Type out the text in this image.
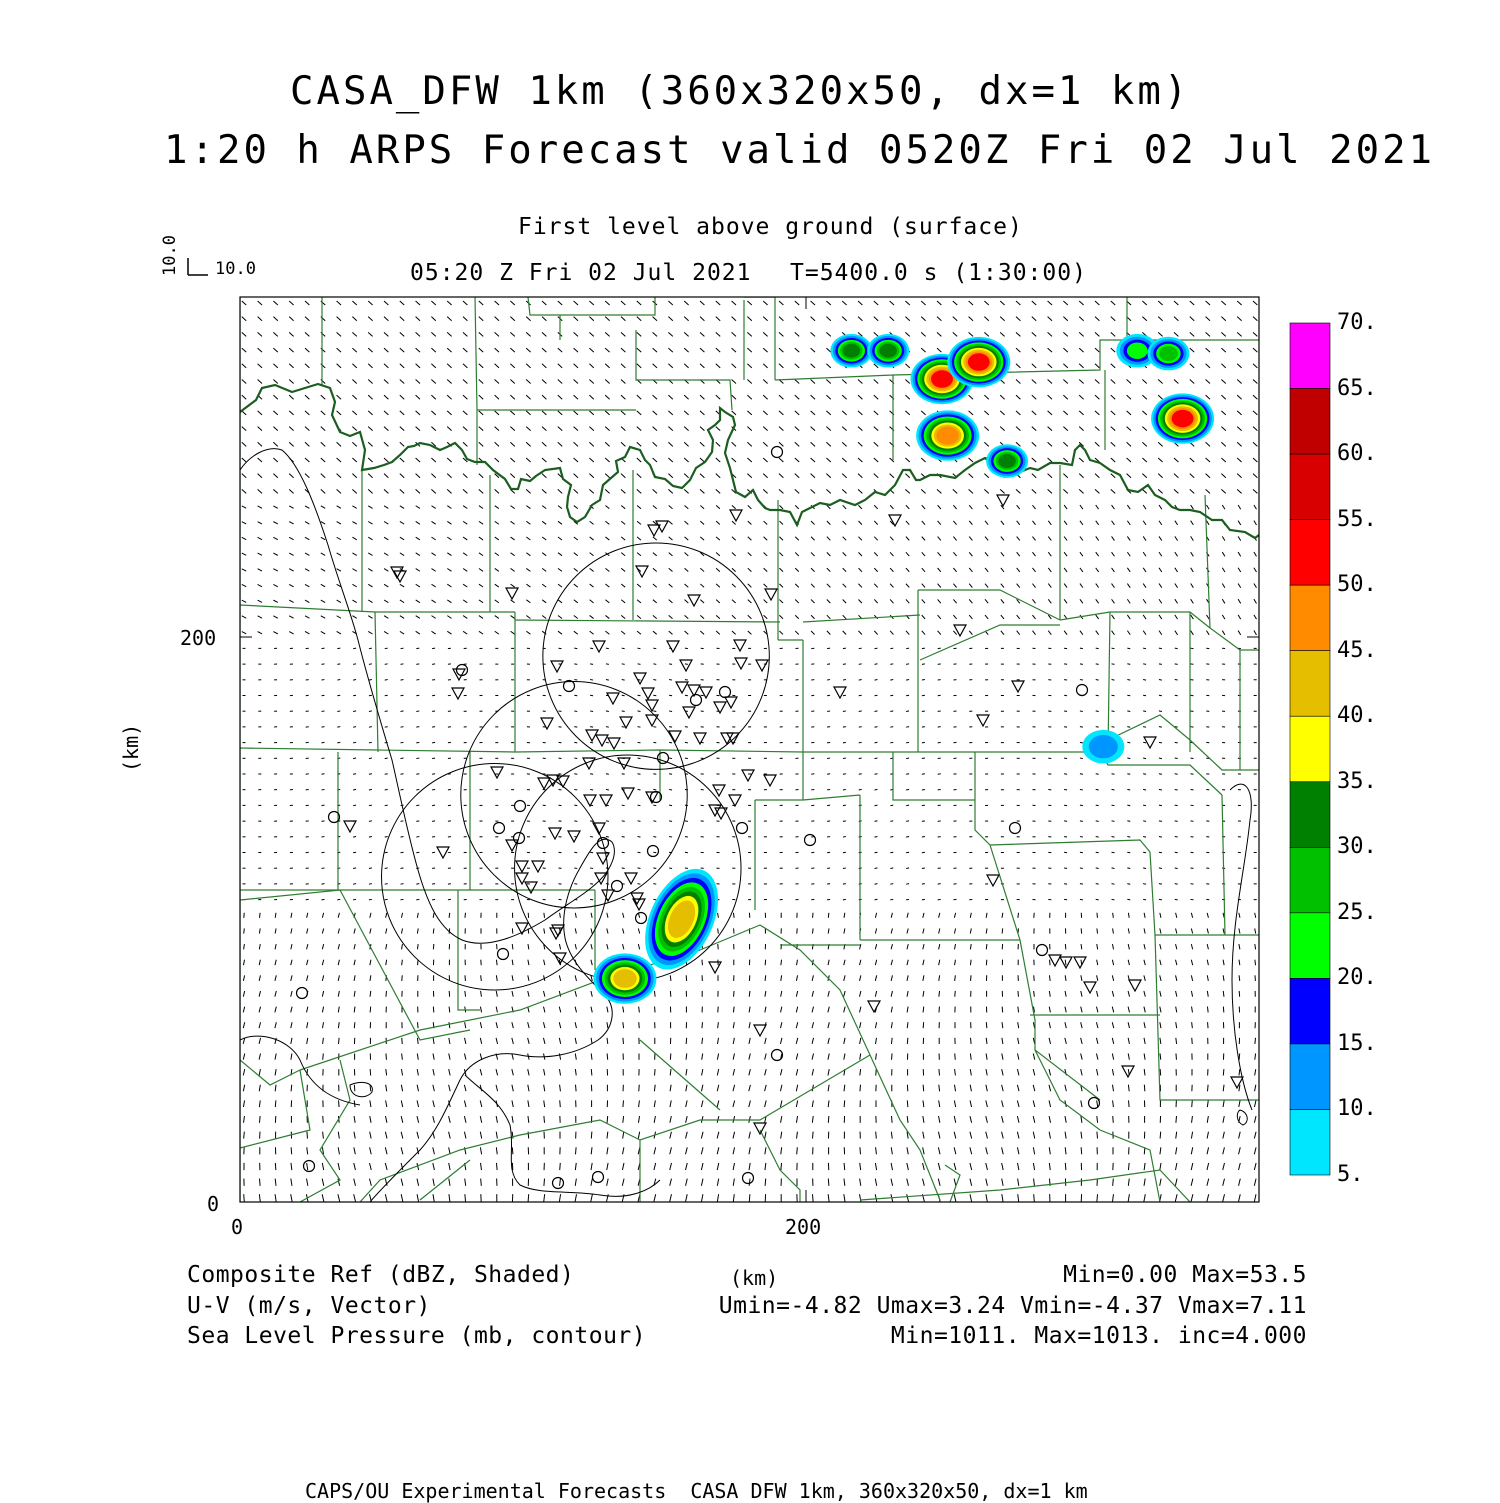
CASA_DFW 1km (360x320x50, dx=1 km)
1:20 h ARPS Forecast valid 0520Z Fri 02 Jul 2021
First level above ground (surface)
05:20 Z Fri 02 Jul 2021 T=5400.0 s (1:30:00)
10.0 10.0
(km)
(km)
0	200
0
200
70.
65.
60.
55.
50.
45.
40.
35.
30.
25.
20.
15.
10.
5.
Composite Ref (dBZ, Shaded)
U-V (m/s, Vector)
Sea Level Pressure (mb, contour)
Min=0.00 Max=53.5
Umin=-4.82 Umax=3.24 Vmin=-4.37 Vmax=7.11
Min=1011. Max=1013. inc=4.000
CAPS/OU Experimental Forecasts  CASA DFW 1km, 360x320x50, dx=1 km
